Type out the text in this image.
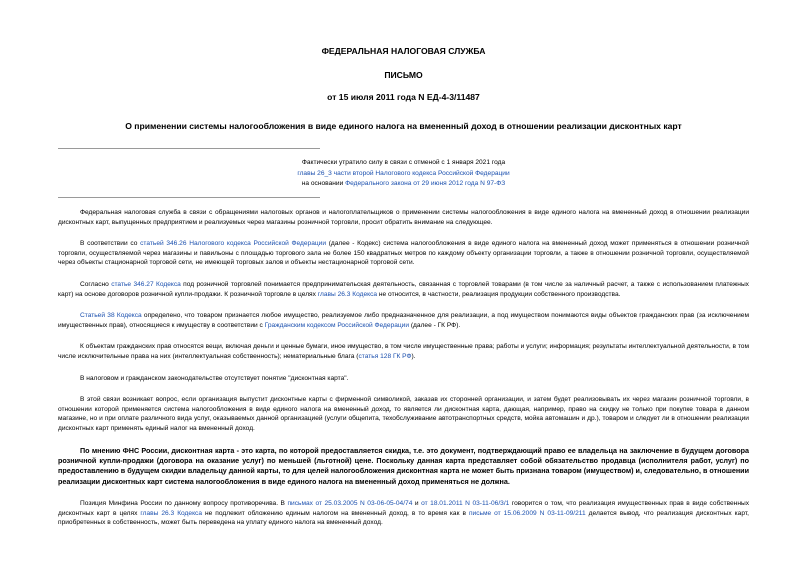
ФЕДЕРАЛЬНАЯ НАЛОГОВАЯ СЛУЖБА
ПИСЬМО
от 15 июля 2011 года N ЕД-4-3/11487
О применении системы налогообложения в виде единого налога на вмененный доход в отношении реализации дисконтных карт
Фактически утратило силу в связи с отменой с 1 января 2021 года
главы 26_3 части второй Налогового кодекса Российской Федерации
на основании Федерального закона от 29 июня 2012 года N 97-ФЗ

Федеральная налоговая служба в связи с обращениями налоговых органов и налогоплательщиков о применении системы налогообложения в виде единого налога на вмененный доход в отношении реализации дисконтных карт, выпущенных предприятием и реализуемых через магазины розничной торговли, просит обратить внимание на следующее.

В соответствии со статьей 346.26 Налогового кодекса Российской Федерации (далее - Кодекс) система налогообложения в виде единого налога на вмененный доход может применяться в отношении розничной торговли, осуществляемой через магазины и павильоны с площадью торгового зала не более 150 квадратных метров по каждому объекту организации торговли, а также в отношении розничной торговли, осуществляемой через объекты стационарной торговой сети, не имеющей торговых залов и объекты нестационарной торговой сети.

Согласно статье 346.27 Кодекса под розничной торговлей понимается предпринимательская деятельность, связанная с торговлей товарами (в том числе за наличный расчет, а также с использованием платежных карт) на основе договоров розничной купли-продажи. К розничной торговле в целях главы 26.3 Кодекса не относится, в частности, реализация продукции собственного производства.

Статьей 38 Кодекса определено, что товаром признается любое имущество, реализуемое либо предназначенное для реализации, а под имуществом понимаются виды объектов гражданских прав (за исключением имущественных прав), относящиеся к имуществу в соответствии с Гражданским кодексом Российской Федерации (далее - ГК РФ).

К объектам гражданских прав относятся вещи, включая деньги и ценные бумаги, иное имущество, в том числе имущественные права; работы и услуги; информация; результаты интеллектуальной деятельности, в том числе исключительные права на них (интеллектуальная собственность); нематериальные блага (статья 128 ГК РФ).

В налоговом и гражданском законодательстве отсутствует понятие "дисконтная карта".

В этой связи возникает вопрос, если организация выпустит дисконтные карты с фирменной символикой, заказав их сторонней организации, и затем будет реализовывать их через магазин розничной торговли, в отношении которой применяется система налогообложения в виде единого налога на вмененный доход, то является ли дисконтная карта, дающая, например, право на скидку не только при покупке товара в данном магазине, но и при оплате различного вида услуг, оказываемых данной организацией (услуги общепита, техобслуживание автотранспортных средств, мойка автомашин и др.), товаром и следует ли в отношении реализации дисконтных карт применять единый налог на вмененный доход.

По мнению ФНС России, дисконтная карта - это карта, по которой предоставляется скидка, т.е. это документ, подтверждающий право ее владельца на заключение в будущем договора розничной купли-продажи (договора на оказание услуг) по меньшей (льготной) цене. Поскольку данная карта представляет собой обязательство продавца (исполнителя работ, услуг) по предоставлению в будущем скидки владельцу данной карты, то для целей налогообложения дисконтная карта не может быть признана товаром (имуществом) и, следовательно, в отношении реализации дисконтных карт система налогообложения в виде единого налога на вмененный доход применяться не должна.

Позиция Минфина России по данному вопросу противоречива. В письмах от 25.03.2005 N 03-06-05-04/74 и от 18.01.2011 N 03-11-06/3/1 говорится о том, что реализация имущественных прав в виде собственных дисконтных карт в целях главы 26.3 Кодекса не подлежит обложению единым налогом на вмененный доход, в то время как в письме от 15.06.2009 N 03-11-09/211 делается вывод, что реализация дисконтных карт, приобретенных в собственность, может быть переведена на уплату единого налога на вмененный доход.
